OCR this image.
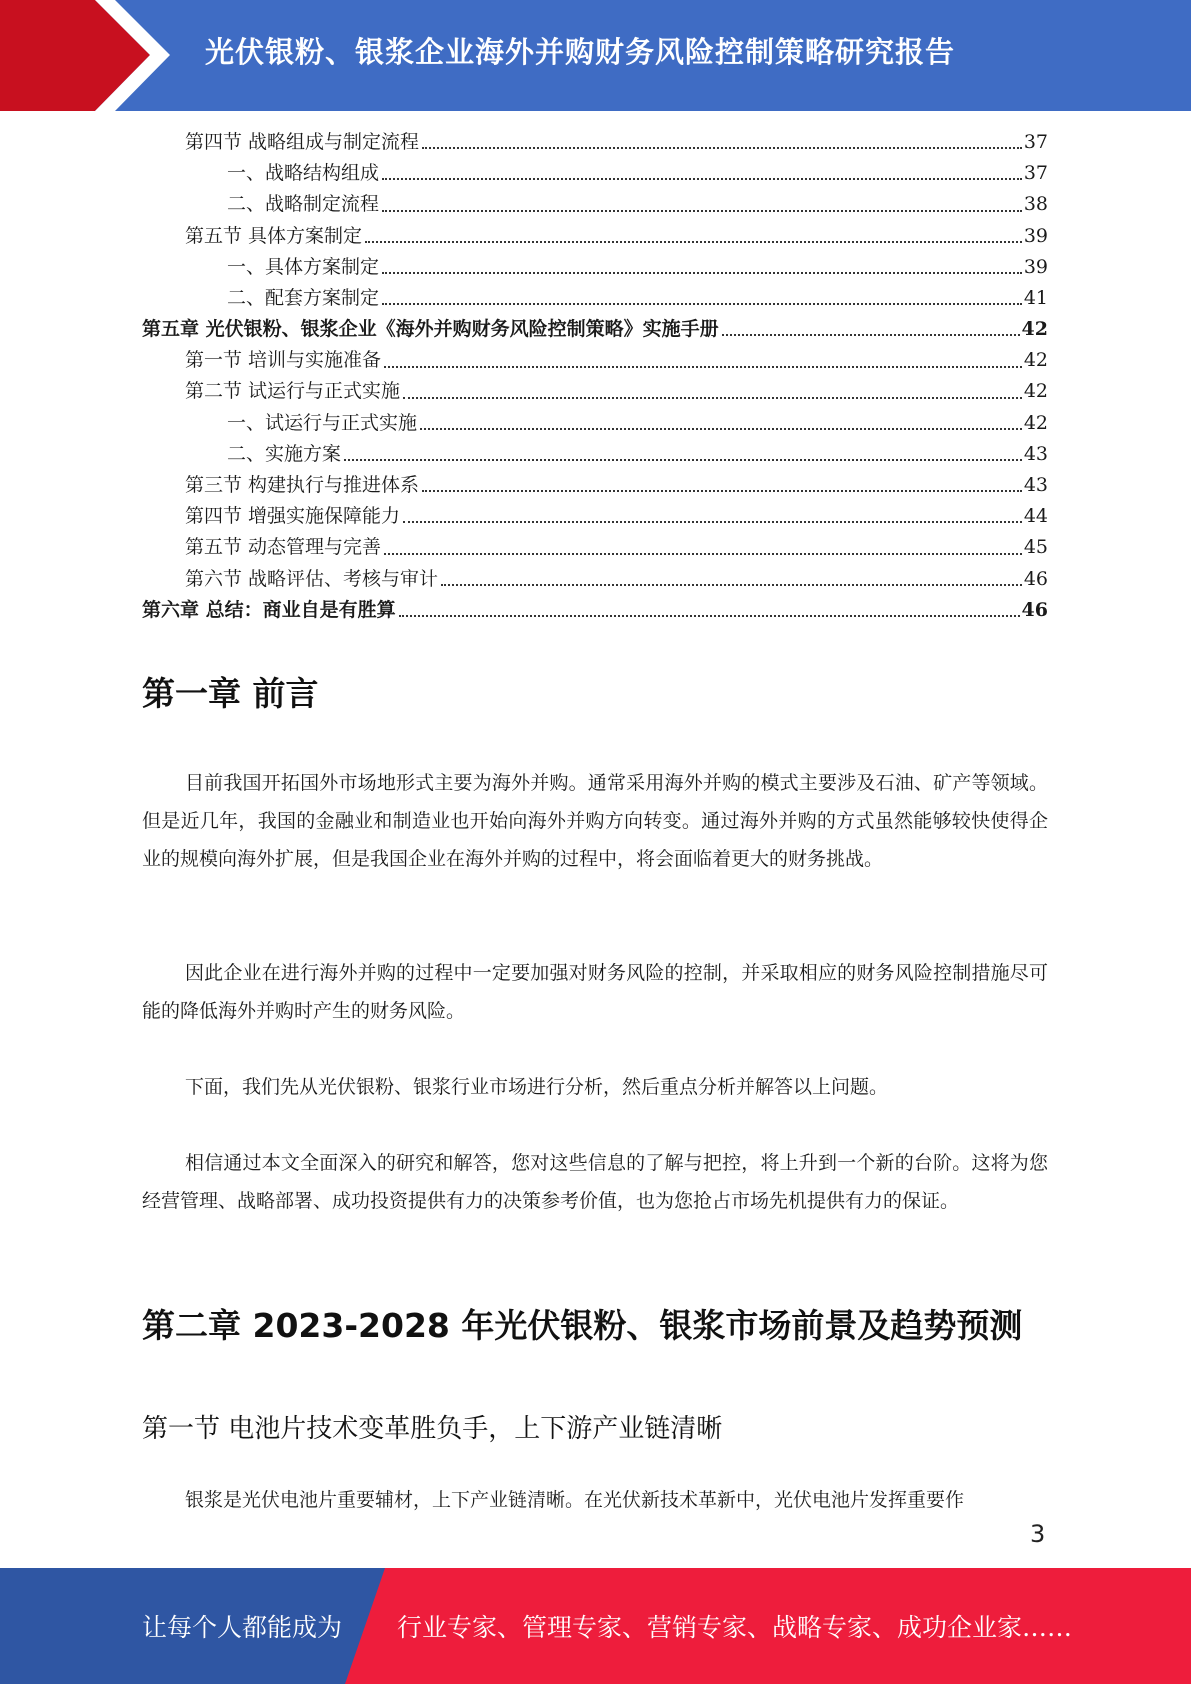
光伏银粉、银浆企业海外并购财务风险控制策略研究报告
第四节 战略组成与制定流程	37
一、战略结构组成	37
二、战略制定流程	38
第五节 具体方案制定	39
一、具体方案制定	39
二、配套方案制定	41
第五章 光伏银粉、银浆企业《海外并购财务风险控制策略》实施手册	42
第一节 培训与实施准备	42
第二节 试运行与正式实施	42
一、试运行与正式实施	42
二、实施方案	43
第三节 构建执行与推进体系	43
第四节 增强实施保障能力	44
第五节 动态管理与完善	45
第六节 战略评估、考核与审计	46
第六章 总结：商业自是有胜算	46
第一章 前言
目前我国开拓国外市场地形式主要为海外并购。通常采用海外并购的模式主要涉及石油、矿产等领域。但是近几年，我国的金融业和制造业也开始向海外并购方向转变。通过海外并购的方式虽然能够较快使得企业的规模向海外扩展，但是我国企业在海外并购的过程中，将会面临着更大的财务挑战。
因此企业在进行海外并购的过程中一定要加强对财务风险的控制，并采取相应的财务风险控制措施尽可能的降低海外并购时产生的财务风险。
下面，我们先从光伏银粉、银浆行业市场进行分析，然后重点分析并解答以上问题。
相信通过本文全面深入的研究和解答，您对这些信息的了解与把控，将上升到一个新的台阶。这将为您经营管理、战略部署、成功投资提供有力的决策参考价值，也为您抢占市场先机提供有力的保证。
第二章 2023-2028 年光伏银粉、银浆市场前景及趋势预测
第一节 电池片技术变革胜负手，上下游产业链清晰
银浆是光伏电池片重要辅材，上下产业链清晰。在光伏新技术革新中，光伏电池片发挥重要作
3
让每个人都能成为 行业专家、管理专家、营销专家、战略专家、成功企业家……
